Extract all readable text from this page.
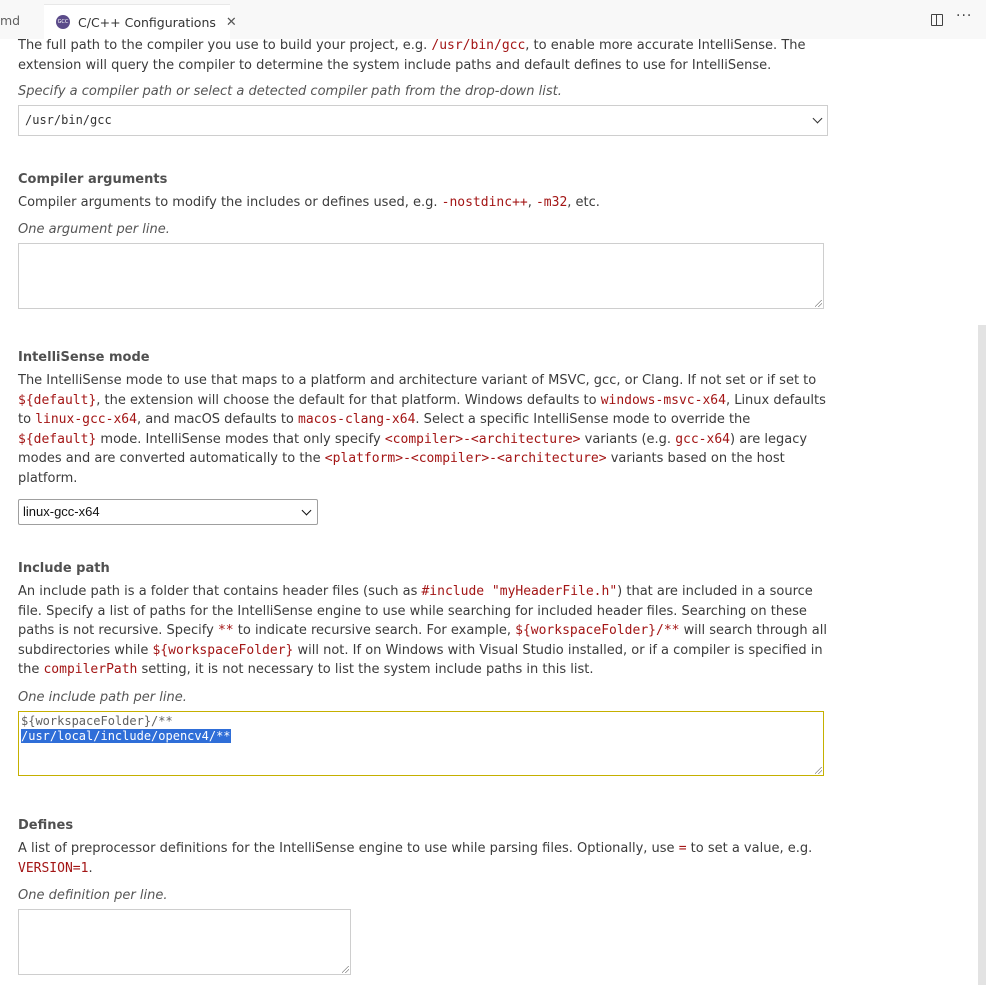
md	GCC C/C++ Configurations ✕	···
The full path to the compiler you use to build your project, e.g. /usr/bin/gcc, to enable more accurate IntelliSense. The extension will query the compiler to determine the system include paths and default defines to use for IntelliSense.
Specify a compiler path or select a detected compiler path from the drop-down list.
/usr/bin/gcc
Compiler arguments
Compiler arguments to modify the includes or defines used, e.g. -nostdinc++, -m32, etc.
One argument per line.
IntelliSense mode
The IntelliSense mode to use that maps to a platform and architecture variant of MSVC, gcc, or Clang. If not set or if set to ${default}, the extension will choose the default for that platform. Windows defaults to windows-msvc-x64, Linux defaults to linux-gcc-x64, and macOS defaults to macos-clang-x64. Select a specific IntelliSense mode to override the ${default} mode. IntelliSense modes that only specify <compiler>-<architecture> variants (e.g. gcc-x64) are legacy modes and are converted automatically to the <platform>-<compiler>-<architecture> variants based on the host platform.
linux-gcc-x64
Include path
An include path is a folder that contains header files (such as #include "myHeaderFile.h") that are included in a source file. Specify a list of paths for the IntelliSense engine to use while searching for included header files. Searching on these paths is not recursive. Specify ** to indicate recursive search. For example, ${workspaceFolder}/** will search through all subdirectories while ${workspaceFolder} will not. If on Windows with Visual Studio installed, or if a compiler is specified in the compilerPath setting, it is not necessary to list the system include paths in this list.
One include path per line.
${workspaceFolder}/**
/usr/local/include/opencv4/**
Defines
A list of preprocessor definitions for the IntelliSense engine to use while parsing files. Optionally, use = to set a value, e.g. VERSION=1.
One definition per line.
